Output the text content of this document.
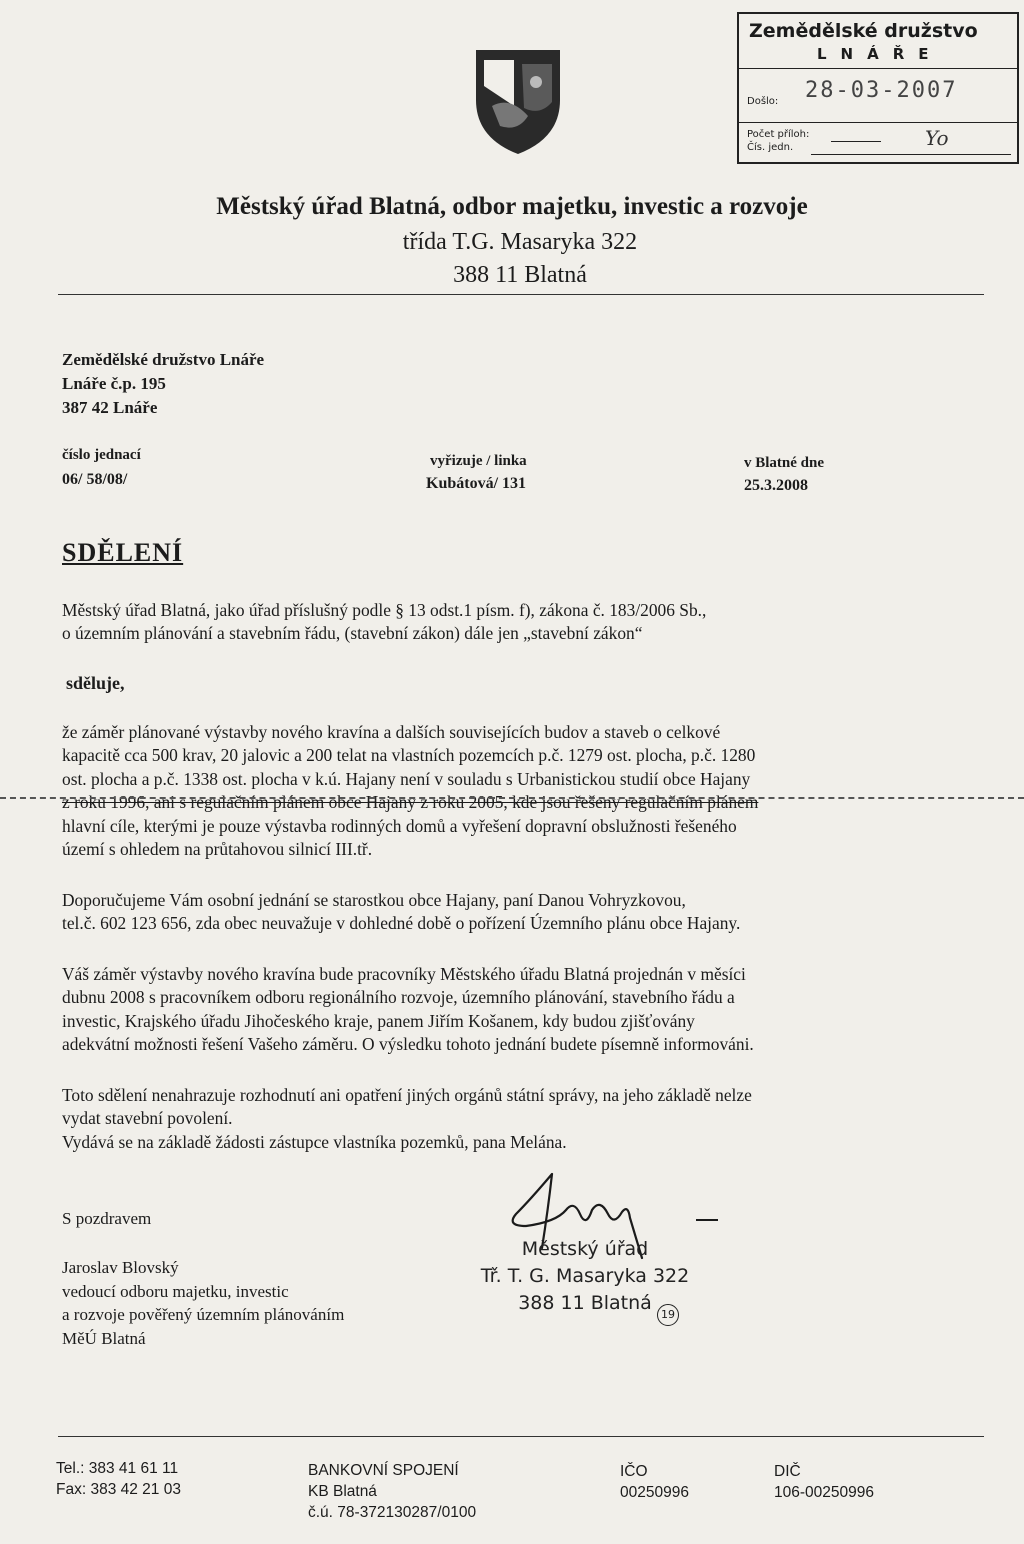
Zemědělské družstvo
LNÁŘE
Došlo: 28-03-2007
Počet příloh:	Yo
Čís. jedn.
Městský úřad Blatná, odbor majetku, investic a rozvoje
třída T.G. Masaryka 322
388 11 Blatná
Zemědělské družstvo Lnáře
Lnáře č.p. 195
387 42 Lnáře
číslo jednací
06/ 58/08/
vyřizuje / linka
Kubátová/ 131
v Blatné dne
25.3.2008
SDĚLENÍ
Městský úřad Blatná, jako úřad příslušný podle § 13 odst.1 písm. f), zákona č. 183/2006 Sb.,
o územním plánování a stavebním řádu, (stavební zákon) dále jen „stavební zákon“
sděluje,
že záměr plánované výstavby nového kravína a dalších souvisejících budov a staveb o celkové
kapacitě cca 500 krav, 20 jalovic a 200 telat na vlastních pozemcích p.č. 1279 ost. plocha, p.č. 1280
ost. plocha a p.č. 1338 ost. plocha v k.ú. Hajany není v souladu s Urbanistickou studií obce Hajany
z roku 1996, ani s regulačním plánem obce Hajany z roku 2005, kde jsou řešeny regulačním plánem
hlavní cíle, kterými je pouze výstavba rodinných domů a vyřešení dopravní obslužnosti řešeného
území s ohledem na průtahovou silnicí III.tř.
Doporučujeme Vám osobní jednání se starostkou obce Hajany, paní Danou Vohryzkovou,
tel.č. 602 123 656, zda obec neuvažuje v dohledné době o pořízení Územního plánu obce Hajany.
Váš záměr výstavby nového kravína bude pracovníky Městského úřadu Blatná projednán v měsíci
dubnu 2008 s pracovníkem odboru regionálního rozvoje, územního plánování, stavebního řádu a
investic, Krajského úřadu Jihočeského kraje, panem Jiřím Košanem, kdy budou zjišťovány
adekvátní možnosti řešení Vašeho záměru. O výsledku tohoto jednání budete písemně informováni.
Toto sdělení nenahrazuje rozhodnutí ani opatření jiných orgánů státní správy, na jeho základě nelze
vydat stavební povolení.
Vydává se na základě žádosti zástupce vlastníka pozemků, pana Melána.
S pozdravem
Jaroslav Blovský
vedoucí odboru majetku, investic
a rozvoje pověřený územním plánováním
MěÚ Blatná
Městský úřad
Tř. T. G. Masaryka 322
388 11 Blatná
19
Tel.: 383 41 61 11
Fax: 383 42 21 03
BANKOVNÍ SPOJENÍ
KB Blatná
č.ú. 78-372130287/0100
IČO
00250996
DIČ
106-00250996
